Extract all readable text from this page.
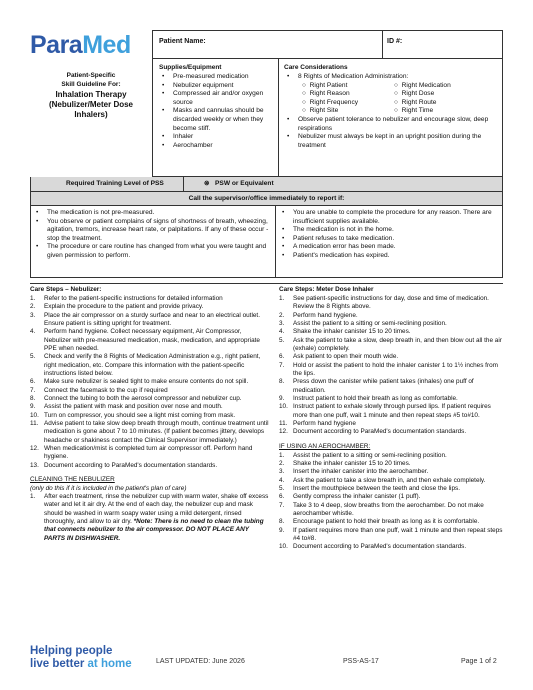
ParaMed	Patient Name:	ID #:
Patient-Specific
Skill Guideline For:
Inhalation Therapy
(Nebulizer/Meter Dose
Inhalers)
Supplies/Equipment
• Pre-measured medication
• Nebulizer equipment
• Compressed air and/or oxygen source
• Masks and cannulas should be discarded weekly or when they become stiff.
• Inhaler
• Aerochamber
Care Considerations
• 8 Rights of Medication Administration:
○  Right Patient	○  Right Medication
○  Right Reason	○  Right Dose
○  Right Frequency	○  Right Route
○  Right Site	○  Right Time
• Observe patient tolerance to nebulizer and encourage slow, deep respirations
• Nebulizer must always be kept in an upright position during the treatment
Required Training Level of PSS	⊗ PSW or Equivalent
Call the supervisor/office immediately to report if:
• The medication is not pre-measured.
• You observe or patient complains of signs of shortness of breath, wheezing, agitation, tremors, increase heart rate, or palpitations. If any of these occur -stop the treatment.
• The procedure or care routine has changed from what you were taught and given permission to perform.
• You are unable to complete the procedure for any reason. There are insufficient supplies available.
• The medication is not in the home.
• Patient refuses to take medication.
• A medication error has been made.
• Patient's medication has expired.
Care Steps – Nebulizer:
1. Refer to the patient-specific instructions for detailed information
2. Explain the procedure to the patient and provide privacy.
3. Place the air compressor on a sturdy surface and near to an electrical outlet. Ensure patient is sitting upright for treatment.
4. Perform hand hygiene. Collect necessary equipment, Air Compressor, Nebulizer with pre-measured medication, mask, medication, and appropriate PPE when needed.
5. Check and verify the 8 Rights of Medication Administration e.g., right patient, right medication, etc. Compare this information with the patient-specific instructions listed below.
6. Make sure nebulizer is sealed tight to make ensure contents do not spill.
7. Connect the facemask to the cup if required
8. Connect the tubing to both the aerosol compressor and nebulizer cup.
9. Assist the patient with mask and position over nose and mouth.
10. Turn on compressor, you should see a light mist coming from mask.
11. Advise patient to take slow deep breath through mouth, continue treatment until medication is gone about 7 to 10 minutes. (If patient becomes jittery, develops headache or shakiness contact the Clinical Supervisor immediately.)
12. When medication/mist is completed turn air compressor off. Perform hand hygiene.
13. Document according to ParaMed's documentation standards.
CLEANING THE NEBULIZER
(only do this if it is included in the patient's plan of care)
1. After each treatment, rinse the nebulizer cup with warm water, shake off excess water and let it air dry. At the end of each day, the nebulizer cup and mask should be washed in warm soapy water using a mild detergent, rinsed thoroughly, and allow to air dry. *Note: There is no need to clean the tubing that connects nebulizer to the air compressor. DO NOT PLACE ANY PARTS IN DISHWASHER.
Care Steps: Meter Dose Inhaler
1. See patient-specific instructions for day, dose and time of medication. Review the 8 Rights above.
2. Perform hand hygiene.
3. Assist the patient to a sitting or semi-reclining position.
4. Shake the inhaler canister 15 to 20 times.
5. Ask the patient to take a slow, deep breath in, and then blow out all the air (exhale) completely.
6. Ask patient to open their mouth wide.
7. Hold or assist the patient to hold the inhaler canister 1 to 1½ inches from the lips.
8. Press down the canister while patient takes (inhales) one puff of medication.
9. Instruct patient to hold their breath as long as comfortable.
10. Instruct patient to exhale slowly through pursed lips. If patient requires more than one puff, wait 1 minute and then repeat steps #5 to#10.
11. Perform hand hygiene
12. Document according to ParaMed's documentation standards.
IF USING AN AEROCHAMBER:
1. Assist the patient to a sitting or semi-reclining position.
2. Shake the inhaler canister 15 to 20 times.
3. Insert the inhaler canister into the aerochamber.
4. Ask the patient to take a slow breath in, and then exhale completely.
5. Insert the mouthpiece between the teeth and close the lips.
6. Gently compress the inhaler canister (1 puff).
7. Take 3 to 4 deep, slow breaths from the aerochamber. Do not make aerochamber whistle.
8. Encourage patient to hold their breath as long as it is comfortable.
9. If patient requires more than one puff, wait 1 minute and then repeat steps #4 to#8.
10. Document according to ParaMed's documentation standards.
Helping people
live better at home	LAST UPDATED: June 2026	PSS-AS-17	Page 1 of 2
